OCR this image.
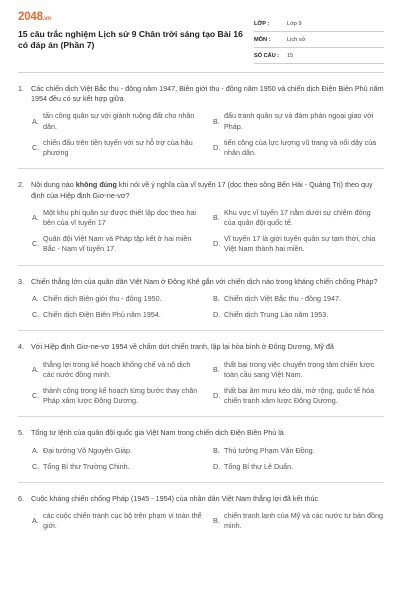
2048.vn
15 câu trắc nghiệm Lịch sử 9 Chân trời sáng tạo Bài 16 có đáp án (Phần 7)
LỚP :	Lớp 9
MÔN :	Lịch sử
SỐ CÂU :	15
1. Các chiến dịch Việt Bắc thu - đông năm 1947, Biên giới thu - đông năm 1950 và chiến dịch Điện Biên Phủ năm 1954 đều có sự kết hợp giữa
A.
tấn công quân sự với giành ruộng đất cho nhân dân.
B.
đấu tranh quân sự và đàm phán ngoại giao với Pháp.
C.
chiến đấu trên tiền tuyến với sự hỗ trợ của hậu phương
D.
tiến công của lực lượng vũ trang và nổi dậy của nhân dân.
2. Nội dung nào không đúng khi nói về ý nghĩa của vĩ tuyến 17 (dọc theo sông Bến Hải - Quảng Trị) theo quy định của Hiệp định Giơ-ne-vơ?
A.
Một khu phi quân sự được thiết lập dọc theo hai bên của vĩ tuyến 17
B.
Khu vực vĩ tuyến 17 nằm dưới sự chiếm đóng của quân đội quốc tế.
C.
Quân đội Việt Nam và Pháp tập kết ở hai miền Bắc - Nam vĩ tuyến 17.
D.
Vĩ tuyến 17 là giới tuyến quân sự tạm thời, chia Việt Nam thành hai miền.
3. Chiến thắng lớn của quân dân Việt Nam ở Đông Khê gắn với chiến dịch nào trong kháng chiến chống Pháp?
A. Chiến dịch Biên giới thu - đông 1950.	B. Chiến dịch Việt Bắc thu - đông 1947.
C. Chiến dịch Điện Biên Phủ năm 1954.	D. Chiến dịch Trung Lào năm 1953.
4. Với Hiệp định Giơ-ne-vơ 1954 về chấm dứt chiến tranh, lập lại hòa bình ở Đông Dương, Mỹ đã
A.
thắng lợi trong kế hoạch khống chế và nô dịch các nước đồng minh.
B.
thất bại trong việc chuyển trọng tâm chiến lược toàn cầu sang Việt Nam.
C.
thành công trong kế hoạch từng bước thay chân Pháp xâm lược Đông Dương.
D.
thất bại âm mưu kéo dài, mở rộng, quốc tế hóa chiến tranh xâm lược Đông Dương.
5. Tổng tư lệnh của quân đội quốc gia Việt Nam trong chiến dịch Điện Biên Phủ là
A. Đại tướng Võ Nguyên Giáp.	B. Thủ tướng Phạm Văn Đồng.
C. Tổng Bí thư Trường Chinh.	D. Tổng Bí thư Lê Duẩn.
6. Cuộc kháng chiến chống Pháp (1945 - 1954) của nhân dân Việt Nam thắng lợi đã kết thúc
A.
các cuộc chiến tranh cục bộ trên phạm vi toàn thế giới.
B.
chiến tranh lạnh của Mỹ và các nước tư bản đồng minh.
